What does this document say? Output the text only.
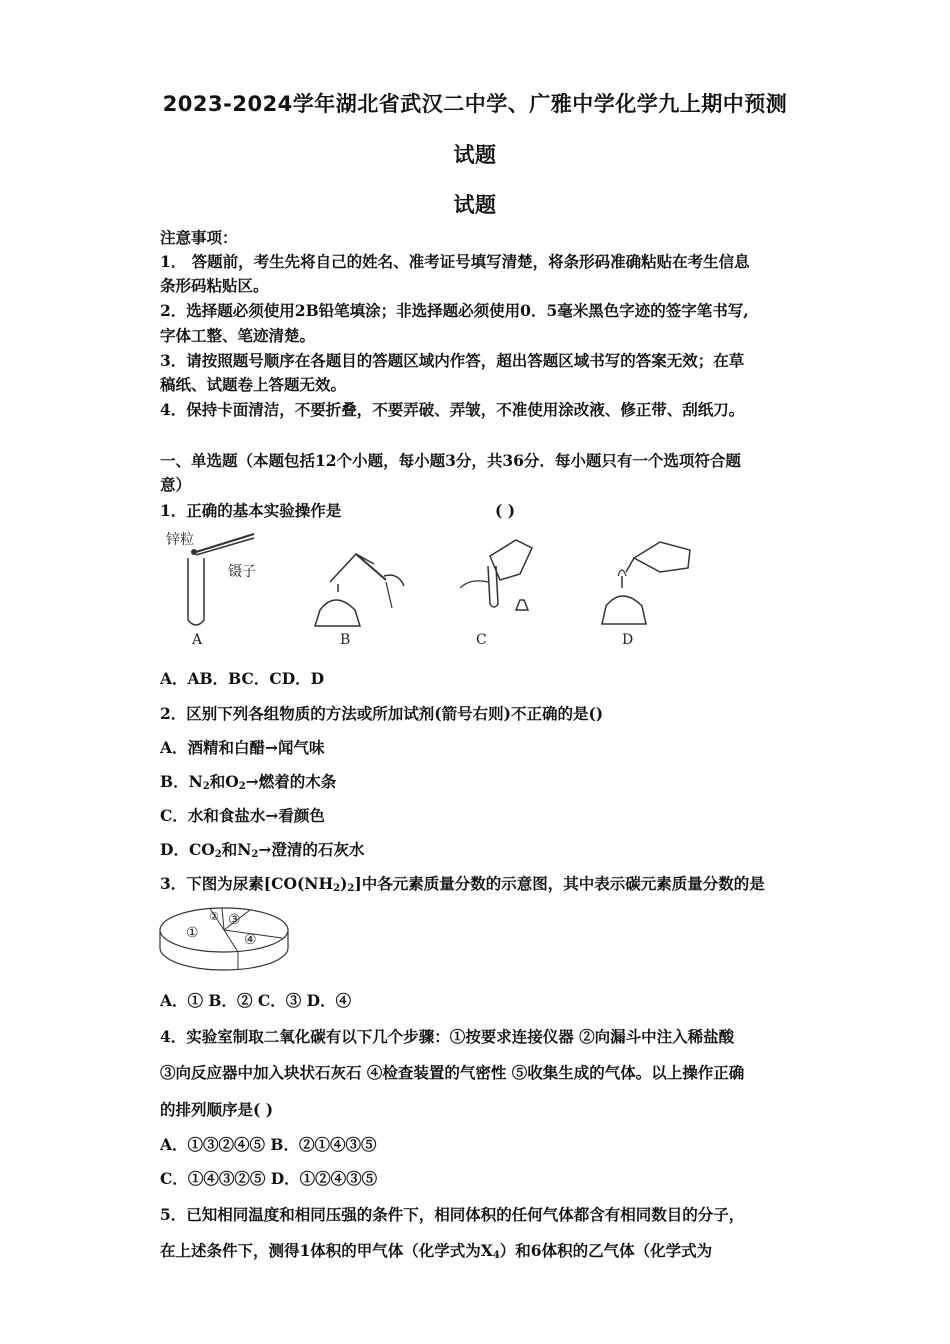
2023-2024学年湖北省武汉二中学、广雅中学化学九上期中预测
试题
试题
注意事项：
1． 答题前，考生先将自己的姓名、准考证号填写清楚，将条形码准确粘贴在考生信息
条形码粘贴区。
2．选择题必须使用2B铅笔填涂；非选择题必须使用0．5毫米黑色字迹的签字笔书写,
字体工整、笔迹清楚。
3．请按照题号顺序在各题目的答题区域内作答，超出答题区域书写的答案无效；在草
稿纸、试题卷上答题无效。
4．保持卡面清洁，不要折叠，不要弄破、弄皱，不准使用涂改液、修正带、刮纸刀。
一、单选题（本题包括12个小题，每小题3分，共36分．每小题只有一个选项符合题
意）
1．正确的基本实验操作是	( )
锌粒
镊子
A	B	C	D
A．AB．BC．CD．D
2．区别下列各组物质的方法或所加试剂(箭号右则)不正确的是()
A．酒精和白醋→闻气味
B．$N_2$和$O_2\to$燃着的木条
C．水和食盐水→看颜色
D．$CO_2$和$N_2\to$澄清的石灰水
3．下图为尿素$[CO(NH_2)_2]$中各元素质量分数的示意图，其中表示碳元素质量分数的是
①
② ③
④
A．① B．② C．③ D．④
4．实验室制取二氧化碳有以下几个步骤：①按要求连接仪器 ②向漏斗中注入稀盐酸
③向反应器中加入块状石灰石 ④检查装置的气密性 ⑤收集生成的气体。以上操作正确
的排列顺序是( )
A．①③②④⑤ B．②①④③⑤
C．①④③②⑤ D．①②④③⑤
5．已知相同温度和相同压强的条件下，相同体积的任何气体都含有相同数目的分子，
在上述条件下，测得1体积的甲气体（化学式为$X_4$）和6体积的乙气体（化学式为
